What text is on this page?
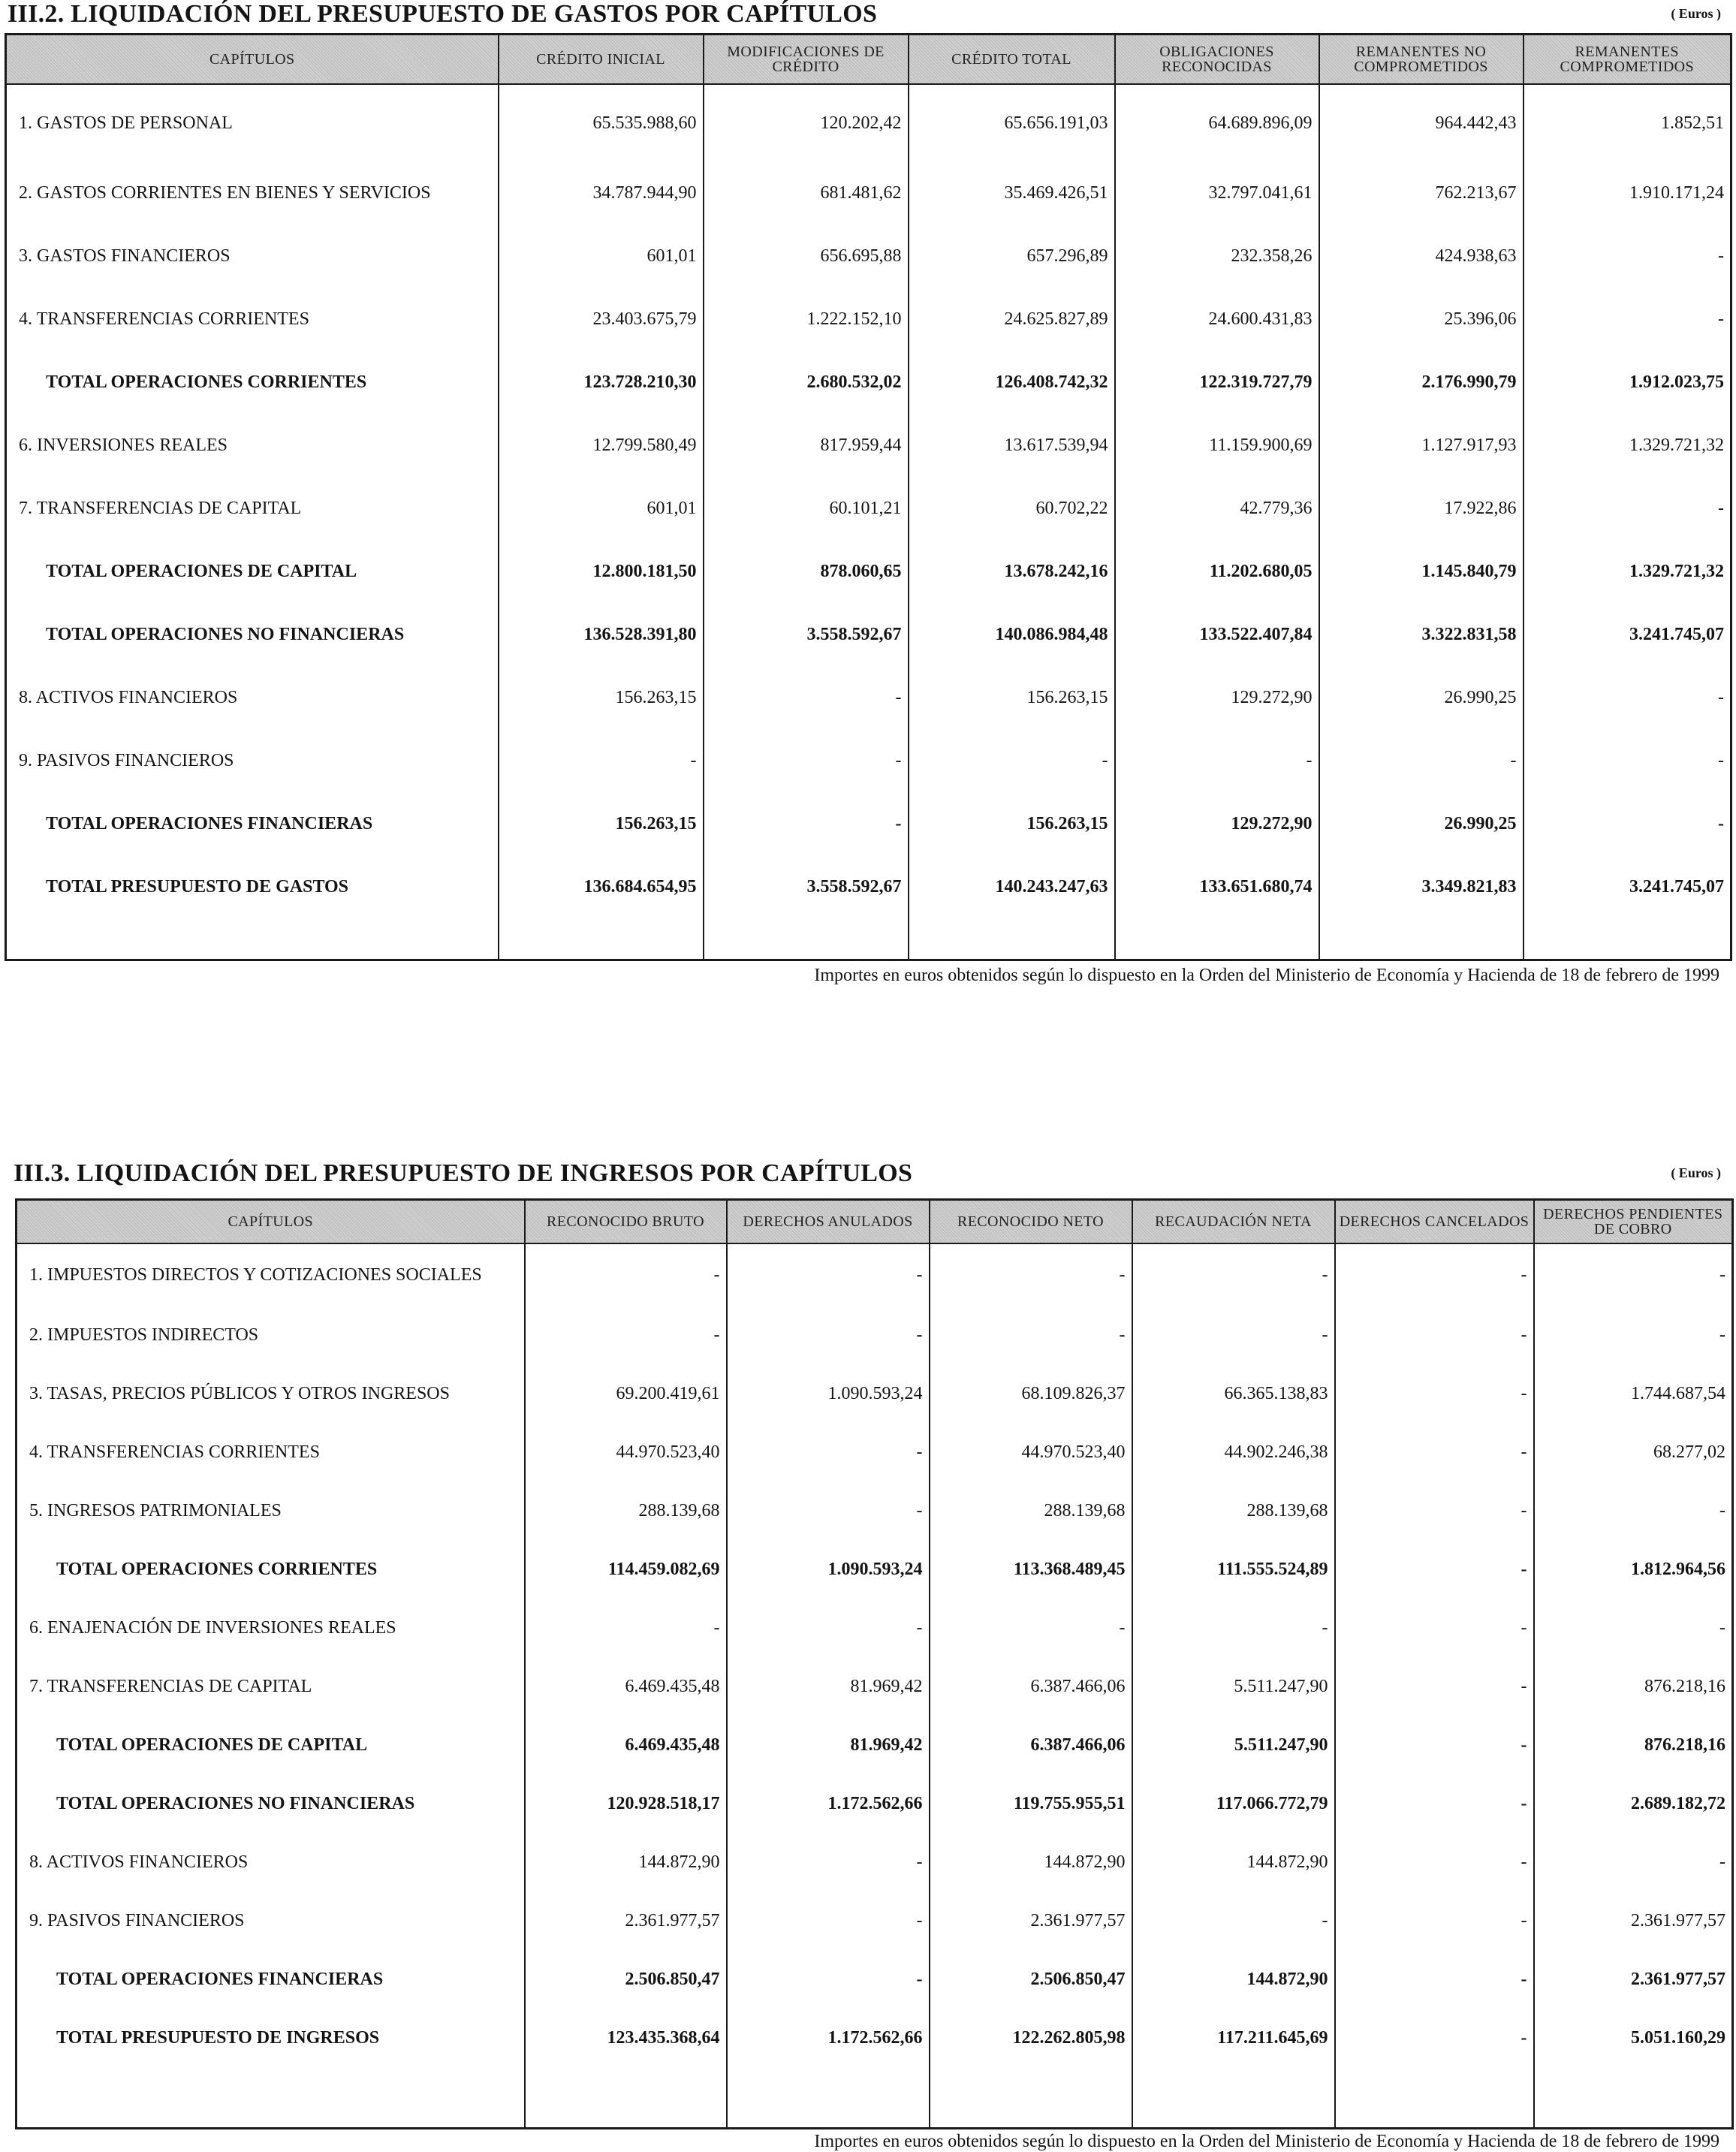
III.2. LIQUIDACIÓN DEL PRESUPUESTO DE GASTOS POR CAPÍTULOS	( Euros )
CAPÍTULOS	CRÉDITO INICIAL	MODIFICACIONES DE CRÉDITO	CRÉDITO TOTAL	OBLIGACIONES RECONOCIDAS	REMANENTES NO COMPROMETIDOS	REMANENTES COMPROMETIDOS
1. GASTOS DE PERSONAL	65.535.988,60	120.202,42	65.656.191,03	64.689.896,09	964.442,43	1.852,51
2. GASTOS CORRIENTES EN BIENES Y SERVICIOS	34.787.944,90	681.481,62	35.469.426,51	32.797.041,61	762.213,67	1.910.171,24
3. GASTOS FINANCIEROS	601,01	656.695,88	657.296,89	232.358,26	424.938,63	-
4. TRANSFERENCIAS CORRIENTES	23.403.675,79	1.222.152,10	24.625.827,89	24.600.431,83	25.396,06	-
TOTAL OPERACIONES CORRIENTES	123.728.210,30	2.680.532,02	126.408.742,32	122.319.727,79	2.176.990,79	1.912.023,75
6. INVERSIONES REALES	12.799.580,49	817.959,44	13.617.539,94	11.159.900,69	1.127.917,93	1.329.721,32
7. TRANSFERENCIAS DE CAPITAL	601,01	60.101,21	60.702,22	42.779,36	17.922,86	-
TOTAL OPERACIONES DE CAPITAL	12.800.181,50	878.060,65	13.678.242,16	11.202.680,05	1.145.840,79	1.329.721,32
TOTAL OPERACIONES NO FINANCIERAS	136.528.391,80	3.558.592,67	140.086.984,48	133.522.407,84	3.322.831,58	3.241.745,07
8. ACTIVOS FINANCIEROS	156.263,15	-	156.263,15	129.272,90	26.990,25	-
9. PASIVOS FINANCIEROS	-	-	-	-	-	-
TOTAL OPERACIONES FINANCIERAS	156.263,15	-	156.263,15	129.272,90	26.990,25	-
TOTAL PRESUPUESTO DE GASTOS	136.684.654,95	3.558.592,67	140.243.247,63	133.651.680,74	3.349.821,83	3.241.745,07

Importes en euros obtenidos según lo dispuesto en la Orden del Ministerio de Economía y Hacienda de 18 de febrero de 1999
III.3. LIQUIDACIÓN DEL PRESUPUESTO DE INGRESOS POR CAPÍTULOS	( Euros )
CAPÍTULOS	RECONOCIDO BRUTO	DERECHOS ANULADOS	RECONOCIDO NETO	RECAUDACIÓN NETA	DERECHOS CANCELADOS	DERECHOS PENDIENTES DE COBRO
1. IMPUESTOS DIRECTOS Y COTIZACIONES SOCIALES	-	-	-	-	-	-
2. IMPUESTOS INDIRECTOS	-	-	-	-	-	-
3. TASAS, PRECIOS PÚBLICOS Y OTROS INGRESOS	69.200.419,61	1.090.593,24	68.109.826,37	66.365.138,83	-	1.744.687,54
4. TRANSFERENCIAS CORRIENTES	44.970.523,40	-	44.970.523,40	44.902.246,38	-	68.277,02
5. INGRESOS PATRIMONIALES	288.139,68	-	288.139,68	288.139,68	-	-
TOTAL OPERACIONES CORRIENTES	114.459.082,69	1.090.593,24	113.368.489,45	111.555.524,89	-	1.812.964,56
6. ENAJENACIÓN DE INVERSIONES REALES	-	-	-	-	-	-
7. TRANSFERENCIAS DE CAPITAL	6.469.435,48	81.969,42	6.387.466,06	5.511.247,90	-	876.218,16
TOTAL OPERACIONES DE CAPITAL	6.469.435,48	81.969,42	6.387.466,06	5.511.247,90	-	876.218,16
TOTAL OPERACIONES NO FINANCIERAS	120.928.518,17	1.172.562,66	119.755.955,51	117.066.772,79	-	2.689.182,72
8. ACTIVOS FINANCIEROS	144.872,90	-	144.872,90	144.872,90	-	-
9. PASIVOS FINANCIEROS	2.361.977,57	-	2.361.977,57	-	-	2.361.977,57
TOTAL OPERACIONES FINANCIERAS	2.506.850,47	-	2.506.850,47	144.872,90	-	2.361.977,57
TOTAL PRESUPUESTO DE INGRESOS	123.435.368,64	1.172.562,66	122.262.805,98	117.211.645,69	-	5.051.160,29

Importes en euros obtenidos según lo dispuesto en la Orden del Ministerio de Economía y Hacienda de 18 de febrero de 1999
